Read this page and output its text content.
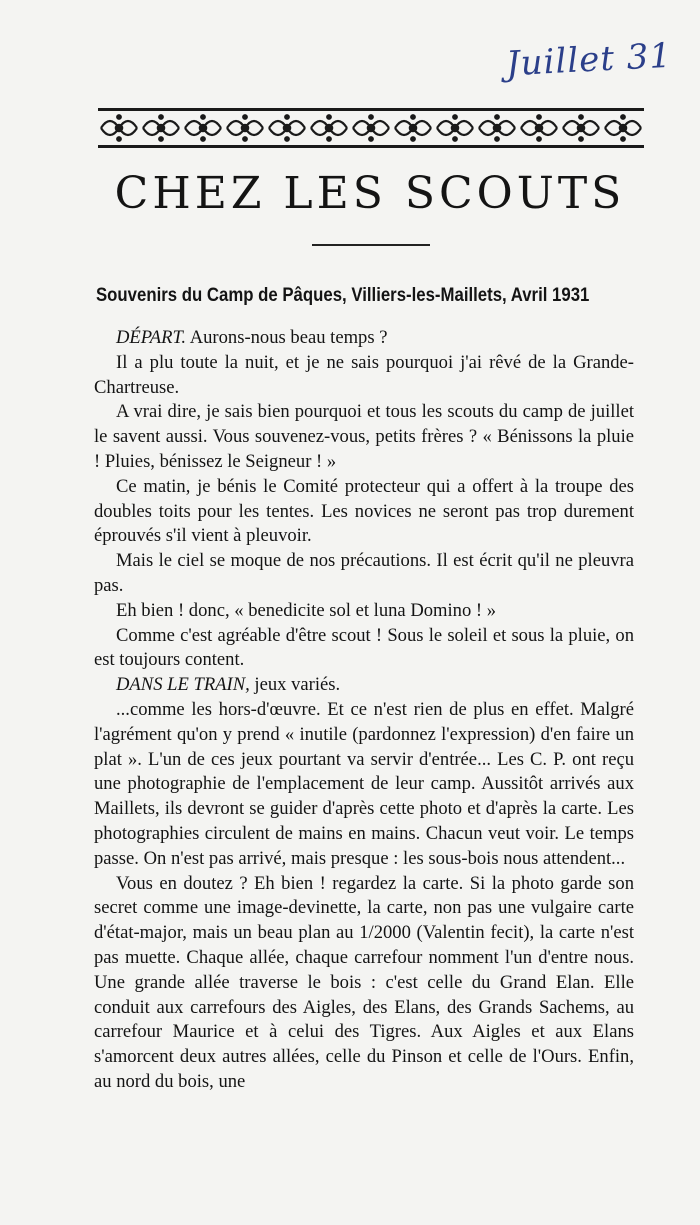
Juillet 31
CHEZ LES SCOUTS
Souvenirs du Camp de Pâques, Villiers-les-Maillets, Avril 1931

DÉPART. Aurons-nous beau temps ?

Il a plu toute la nuit, et je ne sais pourquoi j'ai rêvé de la Grande-Chartreuse.

A vrai dire, je sais bien pourquoi et tous les scouts du camp de juillet le savent aussi. Vous souvenez-vous, petits frères ? « Bénissons la pluie ! Pluies, bénissez le Seigneur ! »

Ce matin, je bénis le Comité protecteur qui a offert à la troupe des doubles toits pour les tentes. Les novices ne seront pas trop durement éprouvés s'il vient à pleuvoir.

Mais le ciel se moque de nos précautions. Il est écrit qu'il ne pleuvra pas.

Eh bien ! donc, « benedicite sol et luna Domino ! »

Comme c'est agréable d'être scout ! Sous le soleil et sous la pluie, on est toujours content.

DANS LE TRAIN, jeux variés.

...comme les hors-d'œuvre. Et ce n'est rien de plus en effet. Malgré l'agrément qu'on y prend « inutile (pardonnez l'expression) d'en faire un plat ». L'un de ces jeux pourtant va servir d'entrée... Les C. P. ont reçu une photographie de l'emplacement de leur camp. Aussitôt arrivés aux Maillets, ils devront se guider d'après cette photo et d'après la carte. Les photographies circulent de mains en mains. Chacun veut voir. Le temps passe. On n'est pas arrivé, mais presque : les sous-bois nous attendent...

Vous en doutez ? Eh bien ! regardez la carte. Si la photo garde son secret comme une image-devinette, la carte, non pas une vulgaire carte d'état-major, mais un beau plan au 1/2000 (Valentin fecit), la carte n'est pas muette. Chaque allée, chaque carrefour nomment l'un d'entre nous. Une grande allée traverse le bois : c'est celle du Grand Elan. Elle conduit aux carrefours des Aigles, des Elans, des Grands Sachems, au carrefour Maurice et à celui des Tigres. Aux Aigles et aux Elans s'amorcent deux autres allées, celle du Pinson et celle de l'Ours. Enfin, au nord du bois, une
